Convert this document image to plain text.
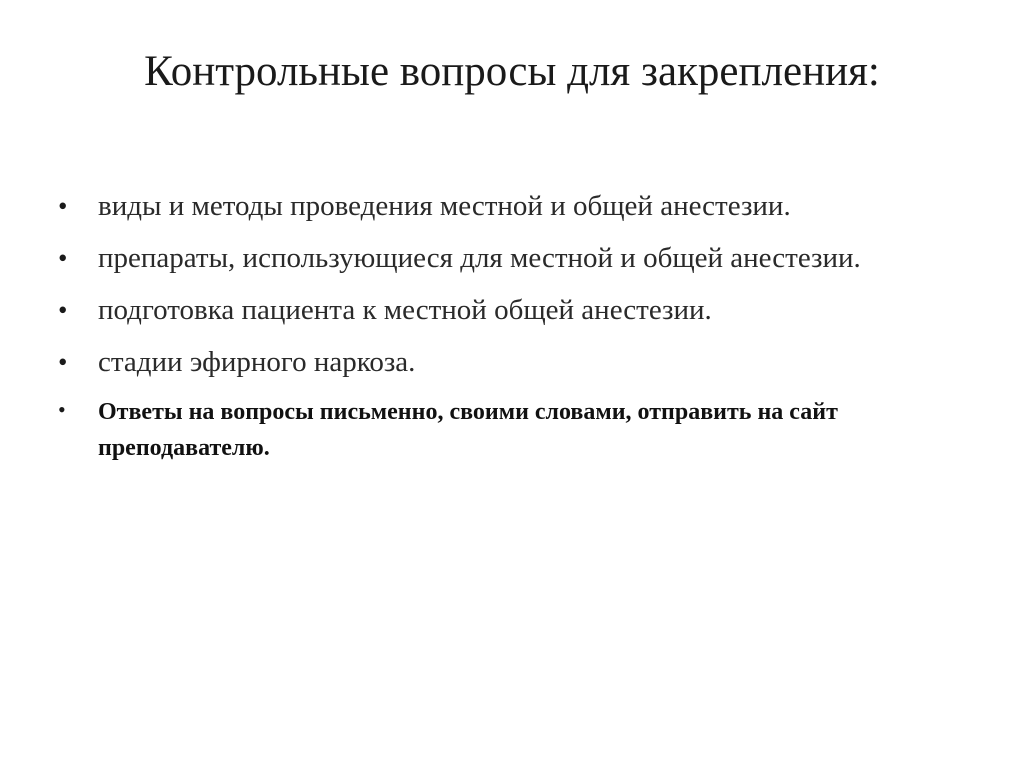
Контрольные вопросы для закрепления:
•	виды и методы проведения местной и общей анестезии.
•	препараты, использующиеся для местной и общей анестезии.
•	подготовка пациента к местной общей анестезии.
•	стадии эфирного наркоза.
•	Ответы на вопросы письменно, своими словами, отправить на сайт преподавателю.
